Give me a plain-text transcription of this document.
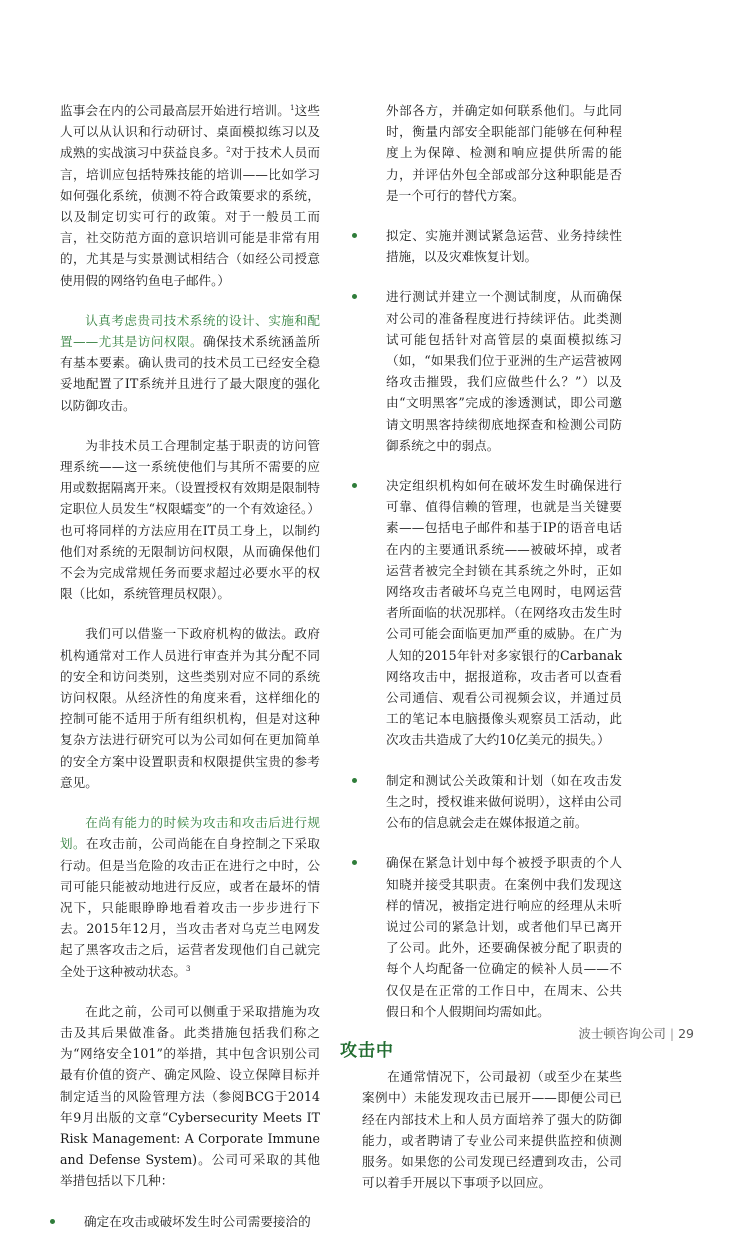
监事会在内的公司最高层开始进行培训。$^1$这些人可以从认识和行动研讨、桌面模拟练习以及成熟的实战演习中获益良多。$^2$对于技术人员而言，培训应包括特殊技能的培训——比如学习如何强化系统，侦测不符合政策要求的系统，以及制定切实可行的政策。对于一般员工而言，社交防范方面的意识培训可能是非常有用的，尤其是与实景测试相结合（如经公司授意使用假的网络钓鱼电子邮件。）

认真考虑贵司技术系统的设计、实施和配置——尤其是访问权限。确保技术系统涵盖所有基本要素。确认贵司的技术员工已经安全稳妥地配置了IT系统并且进行了最大限度的强化以防御攻击。

为非技术员工合理制定基于职责的访问管理系统——这一系统使他们与其所不需要的应用或数据隔离开来。（设置授权有效期是限制特定职位人员发生“权限蠕变”的一个有效途径。）也可将同样的方法应用在IT员工身上，以制约他们对系统的无限制访问权限，从而确保他们不会为完成常规任务而要求超过必要水平的权限（比如，系统管理员权限）。

我们可以借鉴一下政府机构的做法。政府机构通常对工作人员进行审查并为其分配不同的安全和访问类别，这些类别对应不同的系统访问权限。从经济性的角度来看，这样细化的控制可能不适用于所有组织机构，但是对这种复杂方法进行研究可以为公司如何在更加简单的安全方案中设置职责和权限提供宝贵的参考意见。

在尚有能力的时候为攻击和攻击后进行规划。在攻击前，公司尚能在自身控制之下采取行动。但是当危险的攻击正在进行之中时，公司可能只能被动地进行反应，或者在最坏的情况下，只能眼睁睁地看着攻击一步步进行下去。2015年12月，当攻击者对乌克兰电网发起了黑客攻击之后，运营者发现他们自己就完全处于这种被动状态。$^3$

在此之前，公司可以侧重于采取措施为攻击及其后果做准备。此类措施包括我们称之为“网络安全101”的举措，其中包含识别公司最有价值的资产、确定风险、设立保障目标并制定适当的风险管理方法（参阅BCG于2014年9月出版的文章“Cybersecurity Meets IT Risk Management: A Corporate Immune and Defense System)。公司可采取的其他举措包括以下几种：

确定在攻击或破坏发生时公司需要接洽的
外部各方，并确定如何联系他们。与此同时，衡量内部安全职能部门能够在何种程度上为保障、检测和响应提供所需的能力，并评估外包全部或部分这种职能是否是一个可行的替代方案。
拟定、实施并测试紧急运营、业务持续性措施，以及灾难恢复计划。
进行测试并建立一个测试制度，从而确保对公司的准备程度进行持续评估。此类测试可能包括针对高管层的桌面模拟练习（如，“如果我们位于亚洲的生产运营被网络攻击摧毁，我们应做些什么？”）以及由“文明黑客”完成的渗透测试，即公司邀请文明黑客持续彻底地探查和检测公司防御系统之中的弱点。
决定组织机构如何在破坏发生时确保进行可靠、值得信赖的管理，也就是当关键要素——包括电子邮件和基于IP的语音电话在内的主要通讯系统——被破坏掉，或者运营者被完全封锁在其系统之外时，正如网络攻击者破坏乌克兰电网时，电网运营者所面临的状况那样。（在网络攻击发生时公司可能会面临更加严重的威胁。在广为人知的2015年针对多家银行的Carbanak网络攻击中，据报道称，攻击者可以查看公司通信、观看公司视频会议，并通过员工的笔记本电脑摄像头观察员工活动，此次攻击共造成了大约10亿美元的损失。）
制定和测试公关政策和计划（如在攻击发生之时，授权谁来做何说明），这样由公司公布的信息就会走在媒体报道之前。
确保在紧急计划中每个被授予职责的个人知晓并接受其职责。在案例中我们发现这样的情况，被指定进行响应的经理从未听说过公司的紧急计划，或者他们早已离开了公司。此外，还要确保被分配了职责的每个人均配备一位确定的候补人员——不仅仅是在正常的工作日中，在周末、公共假日和个人假期间均需如此。
攻击中

在通常情况下，公司最初（或至少在某些案例中）未能发现攻击已展开——即便公司已经在内部技术上和人员方面培养了强大的防御能力，或者聘请了专业公司来提供监控和侦测服务。如果您的公司发现已经遭到攻击，公司可以着手开展以下事项予以回应。

波士顿咨询公司 | 29
